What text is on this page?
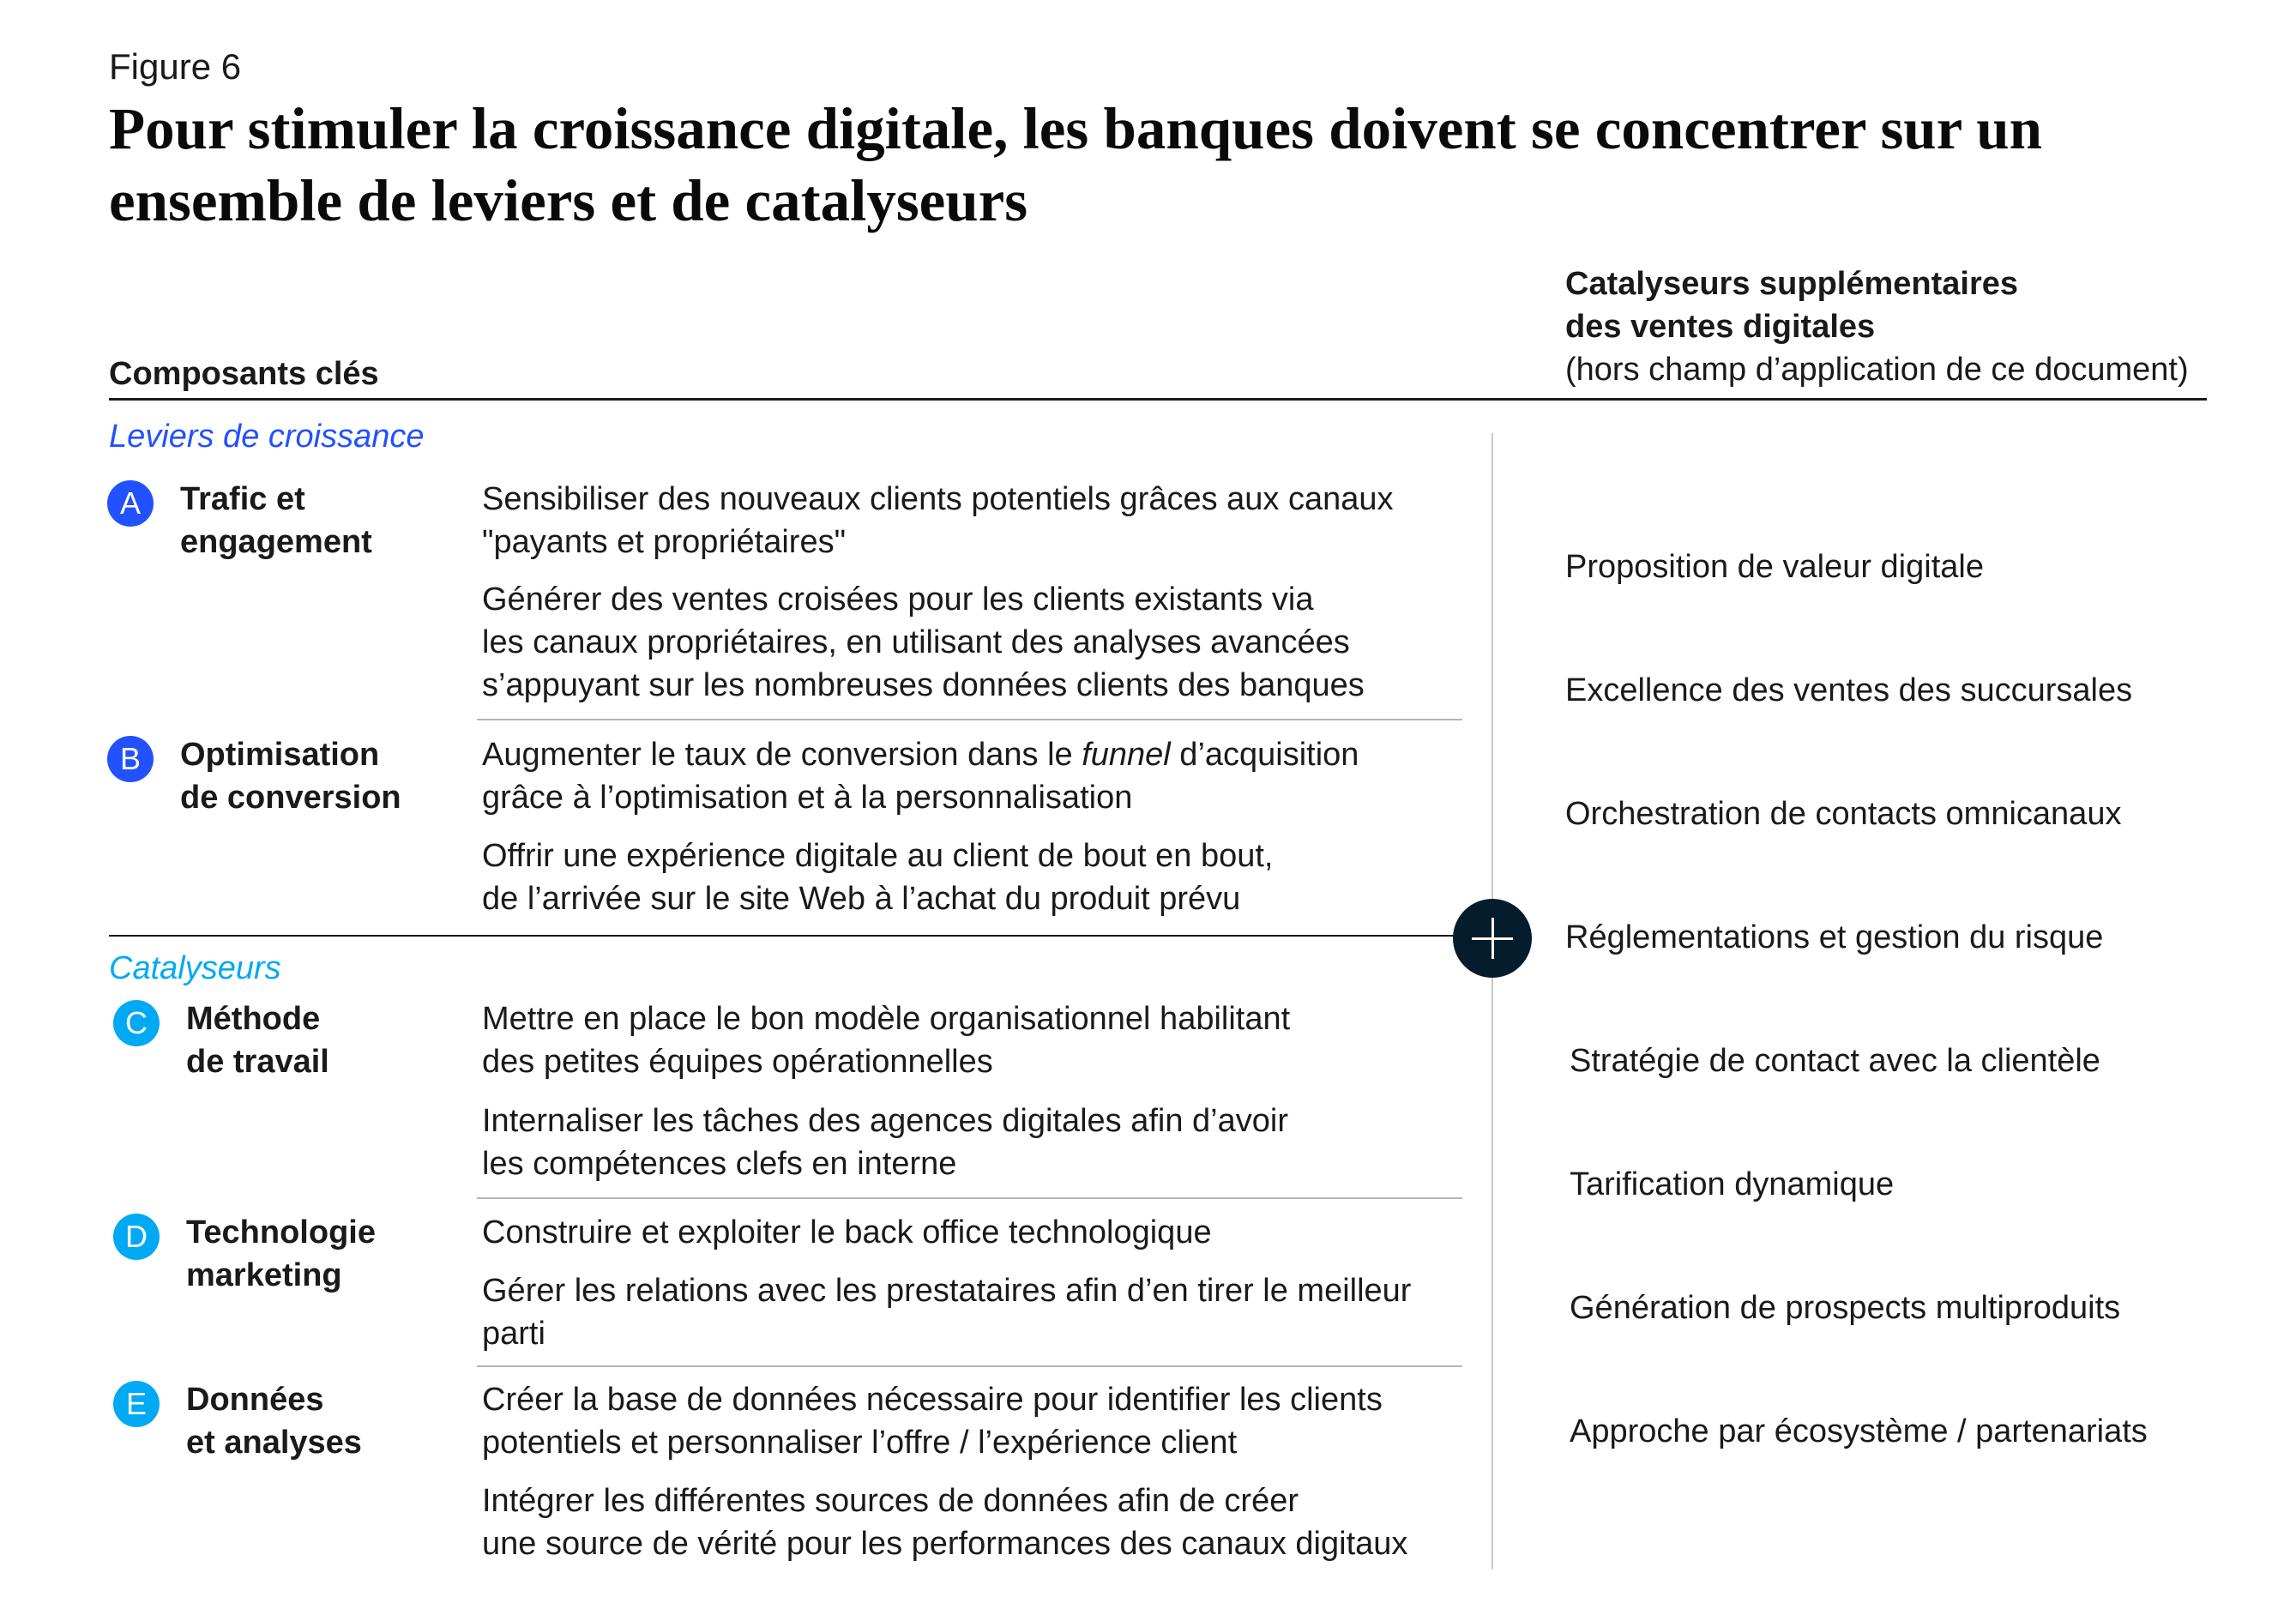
Figure 6
Pour stimuler la croissance digitale, les banques doivent se concentrer sur un ensemble de leviers et de catalyseurs
Composants clés
Catalyseurs supplémentaires
des ventes digitales
(hors champ d’application de ce document)
Leviers de croissance
A	Trafic et
engagement
Sensibiliser des nouveaux clients potentiels grâces aux canaux
"payants et propriétaires"
Générer des ventes croisées pour les clients existants via
les canaux propriétaires, en utilisant des analyses avancées
s’appuyant sur les nombreuses données clients des banques
B	Optimisation
de conversion
Augmenter le taux de conversion dans le funnel d’acquisition
grâce à l’optimisation et à la personnalisation
Offrir une expérience digitale au client de bout en bout,
de l’arrivée sur le site Web à l’achat du produit prévu
Catalyseurs
C	Méthode
de travail
Mettre en place le bon modèle organisationnel habilitant
des petites équipes opérationnelles
Internaliser les tâches des agences digitales afin d’avoir
les compétences clefs en interne
D	Technologie
marketing
Construire et exploiter le back office technologique
Gérer les relations avec les prestataires afin d’en tirer le meilleur
parti
E	Données
et analyses
Créer la base de données nécessaire pour identifier les clients
potentiels et personnaliser l’offre / l’expérience client
Intégrer les différentes sources de données afin de créer
une source de vérité pour les performances des canaux digitaux
Proposition de valeur digitale
Excellence des ventes des succursales
Orchestration de contacts omnicanaux
Réglementations et gestion du risque
Stratégie de contact avec la clientèle
Tarification dynamique
Génération de prospects multiproduits
Approche par écosystème / partenariats
